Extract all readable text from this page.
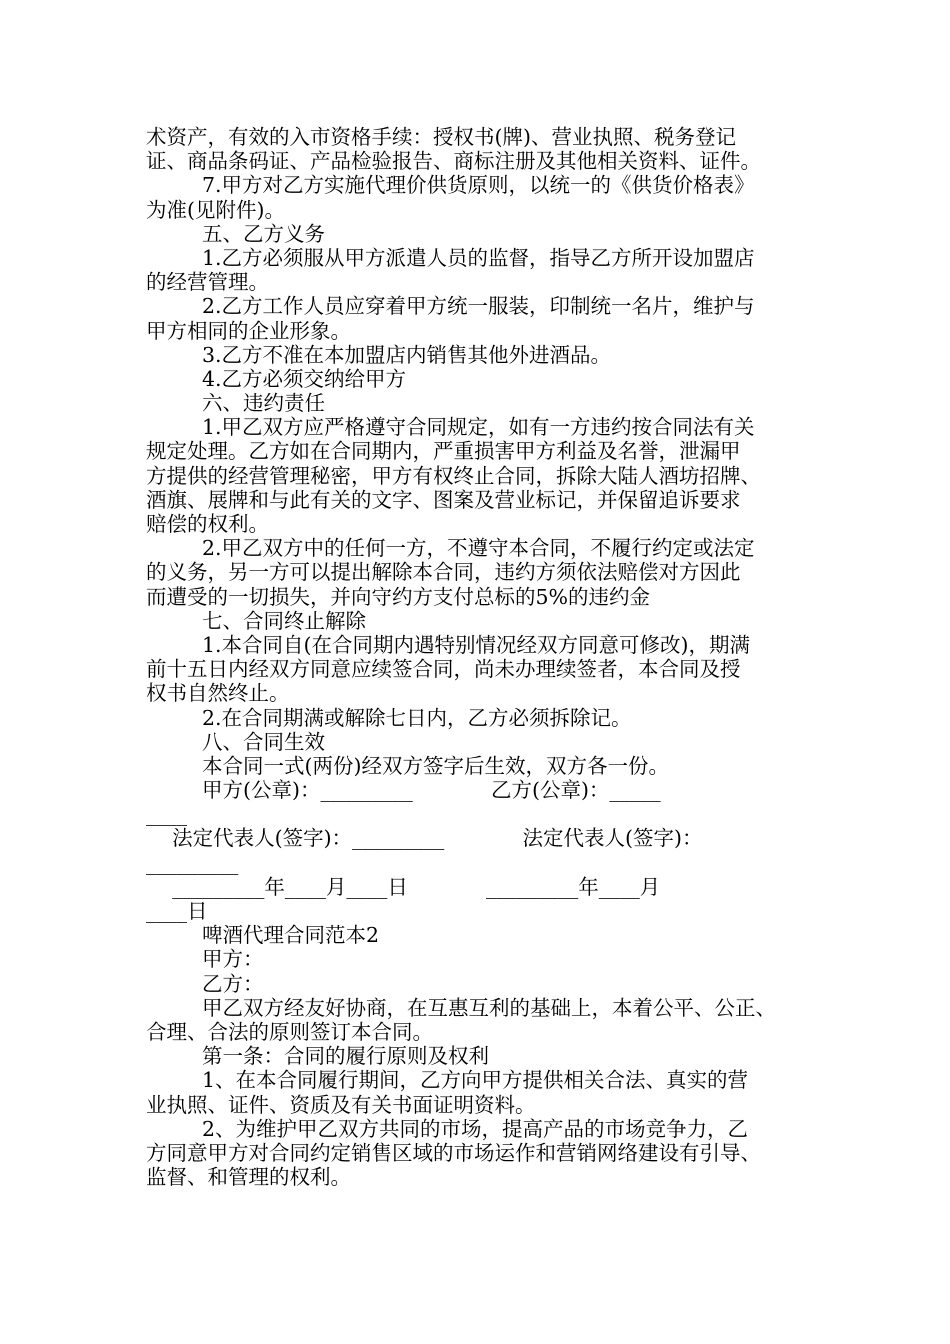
术资产，有效的入市资格手续：授权书(牌)、营业执照、税务登记
证、商品条码证、产品检验报告、商标注册及其他相关资料、证件。
7.甲方对乙方实施代理价供货原则，以统一的《供货价格表》
为准(见附件)。
五、乙方义务
1.乙方必须服从甲方派遣人员的监督，指导乙方所开设加盟店
的经营管理。
2.乙方工作人员应穿着甲方统一服装，印制统一名片，维护与
甲方相同的企业形象。
3.乙方不准在本加盟店内销售其他外进酒品。
4.乙方必须交纳给甲方
六、违约责任
1.甲乙双方应严格遵守合同规定，如有一方违约按合同法有关
规定处理。乙方如在合同期内，严重损害甲方利益及名誉，泄漏甲
方提供的经营管理秘密，甲方有权终止合同，拆除大陆人酒坊招牌、
酒旗、展牌和与此有关的文字、图案及营业标记，并保留追诉要求
赔偿的权利。
2.甲乙双方中的任何一方，不遵守本合同，不履行约定或法定
的义务，另一方可以提出解除本合同，违约方须依法赔偿对方因此
而遭受的一切损失，并向守约方支付总标的5%的违约金
七、合同终止解除
1.本合同自(在合同期内遇特别情况经双方同意可修改)，期满
前十五日内经双方同意应续签合同，尚未办理续签者，本合同及授
权书自然终止。
2.在合同期满或解除七日内，乙方必须拆除记。
八、合同生效
本合同一式(两份)经双方签字后生效，双方各一份。
甲方(公章)：_________            乙方(公章)：_____
____
法定代表人(签字)：_________            法定代表人(签字)：
_________
_________年____月____日            _________年____月
____日
啤酒代理合同范本2
甲方：
乙方：
甲乙双方经友好协商，在互惠互利的基础上，本着公平、公正、
合理、合法的原则签订本合同。
第一条：合同的履行原则及权利
1、在本合同履行期间，乙方向甲方提供相关合法、真实的营
业执照、证件、资质及有关书面证明资料。
2、为维护甲乙双方共同的市场，提高产品的市场竞争力，乙
方同意甲方对合同约定销售区域的市场运作和营销网络建设有引导、
监督、和管理的权利。
